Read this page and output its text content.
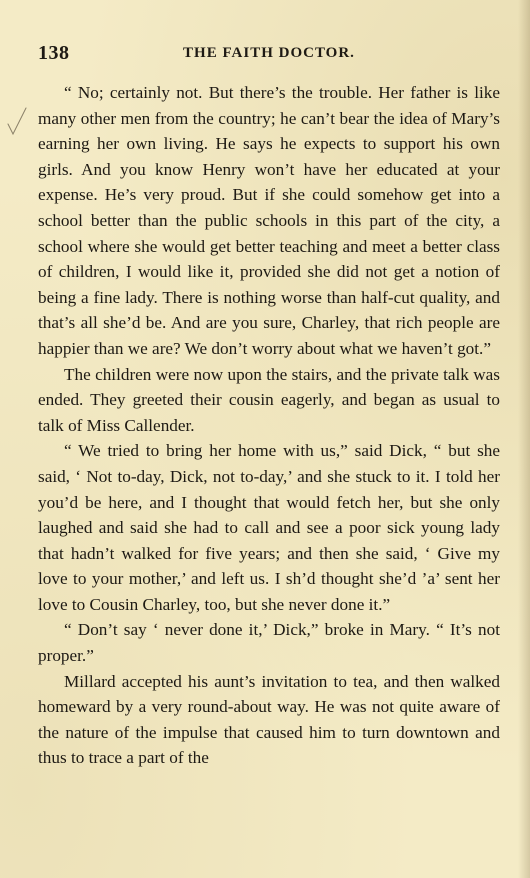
138	THE FAITH DOCTOR.

“ No; certainly not. But there’s the trouble. Her father is like many other men from the country; he can’t bear the idea of Mary’s earning her own living. He says he expects to support his own girls. And you know Henry won’t have her educated at your expense. He’s very proud. But if she could somehow get into a school better than the public schools in this part of the city, a school where she would get better teaching and meet a better class of children, I would like it, provided she did not get a notion of being a fine lady. There is nothing worse than half-cut quality, and that’s all she’d be. And are you sure, Charley, that rich people are happier than we are? We don’t worry about what we haven’t got.”

The children were now upon the stairs, and the private talk was ended. They greeted their cousin eagerly, and began as usual to talk of Miss Callender.

“ We tried to bring her home with us,” said Dick, “ but she said, ‘ Not to-day, Dick, not to-day,’ and she stuck to it. I told her you’d be here, and I thought that would fetch her, but she only laughed and said she had to call and see a poor sick young lady that hadn’t walked for five years; and then she said, ‘ Give my love to your mother,’ and left us. I sh’d thought she’d ’a’ sent her love to Cousin Charley, too, but she never done it.”

“ Don’t say ‘ never done it,’ Dick,” broke in Mary. “ It’s not proper.”

Millard accepted his aunt’s invitation to tea, and then walked homeward by a very round-about way. He was not quite aware of the nature of the impulse that caused him to turn downtown and thus to trace a part of the
